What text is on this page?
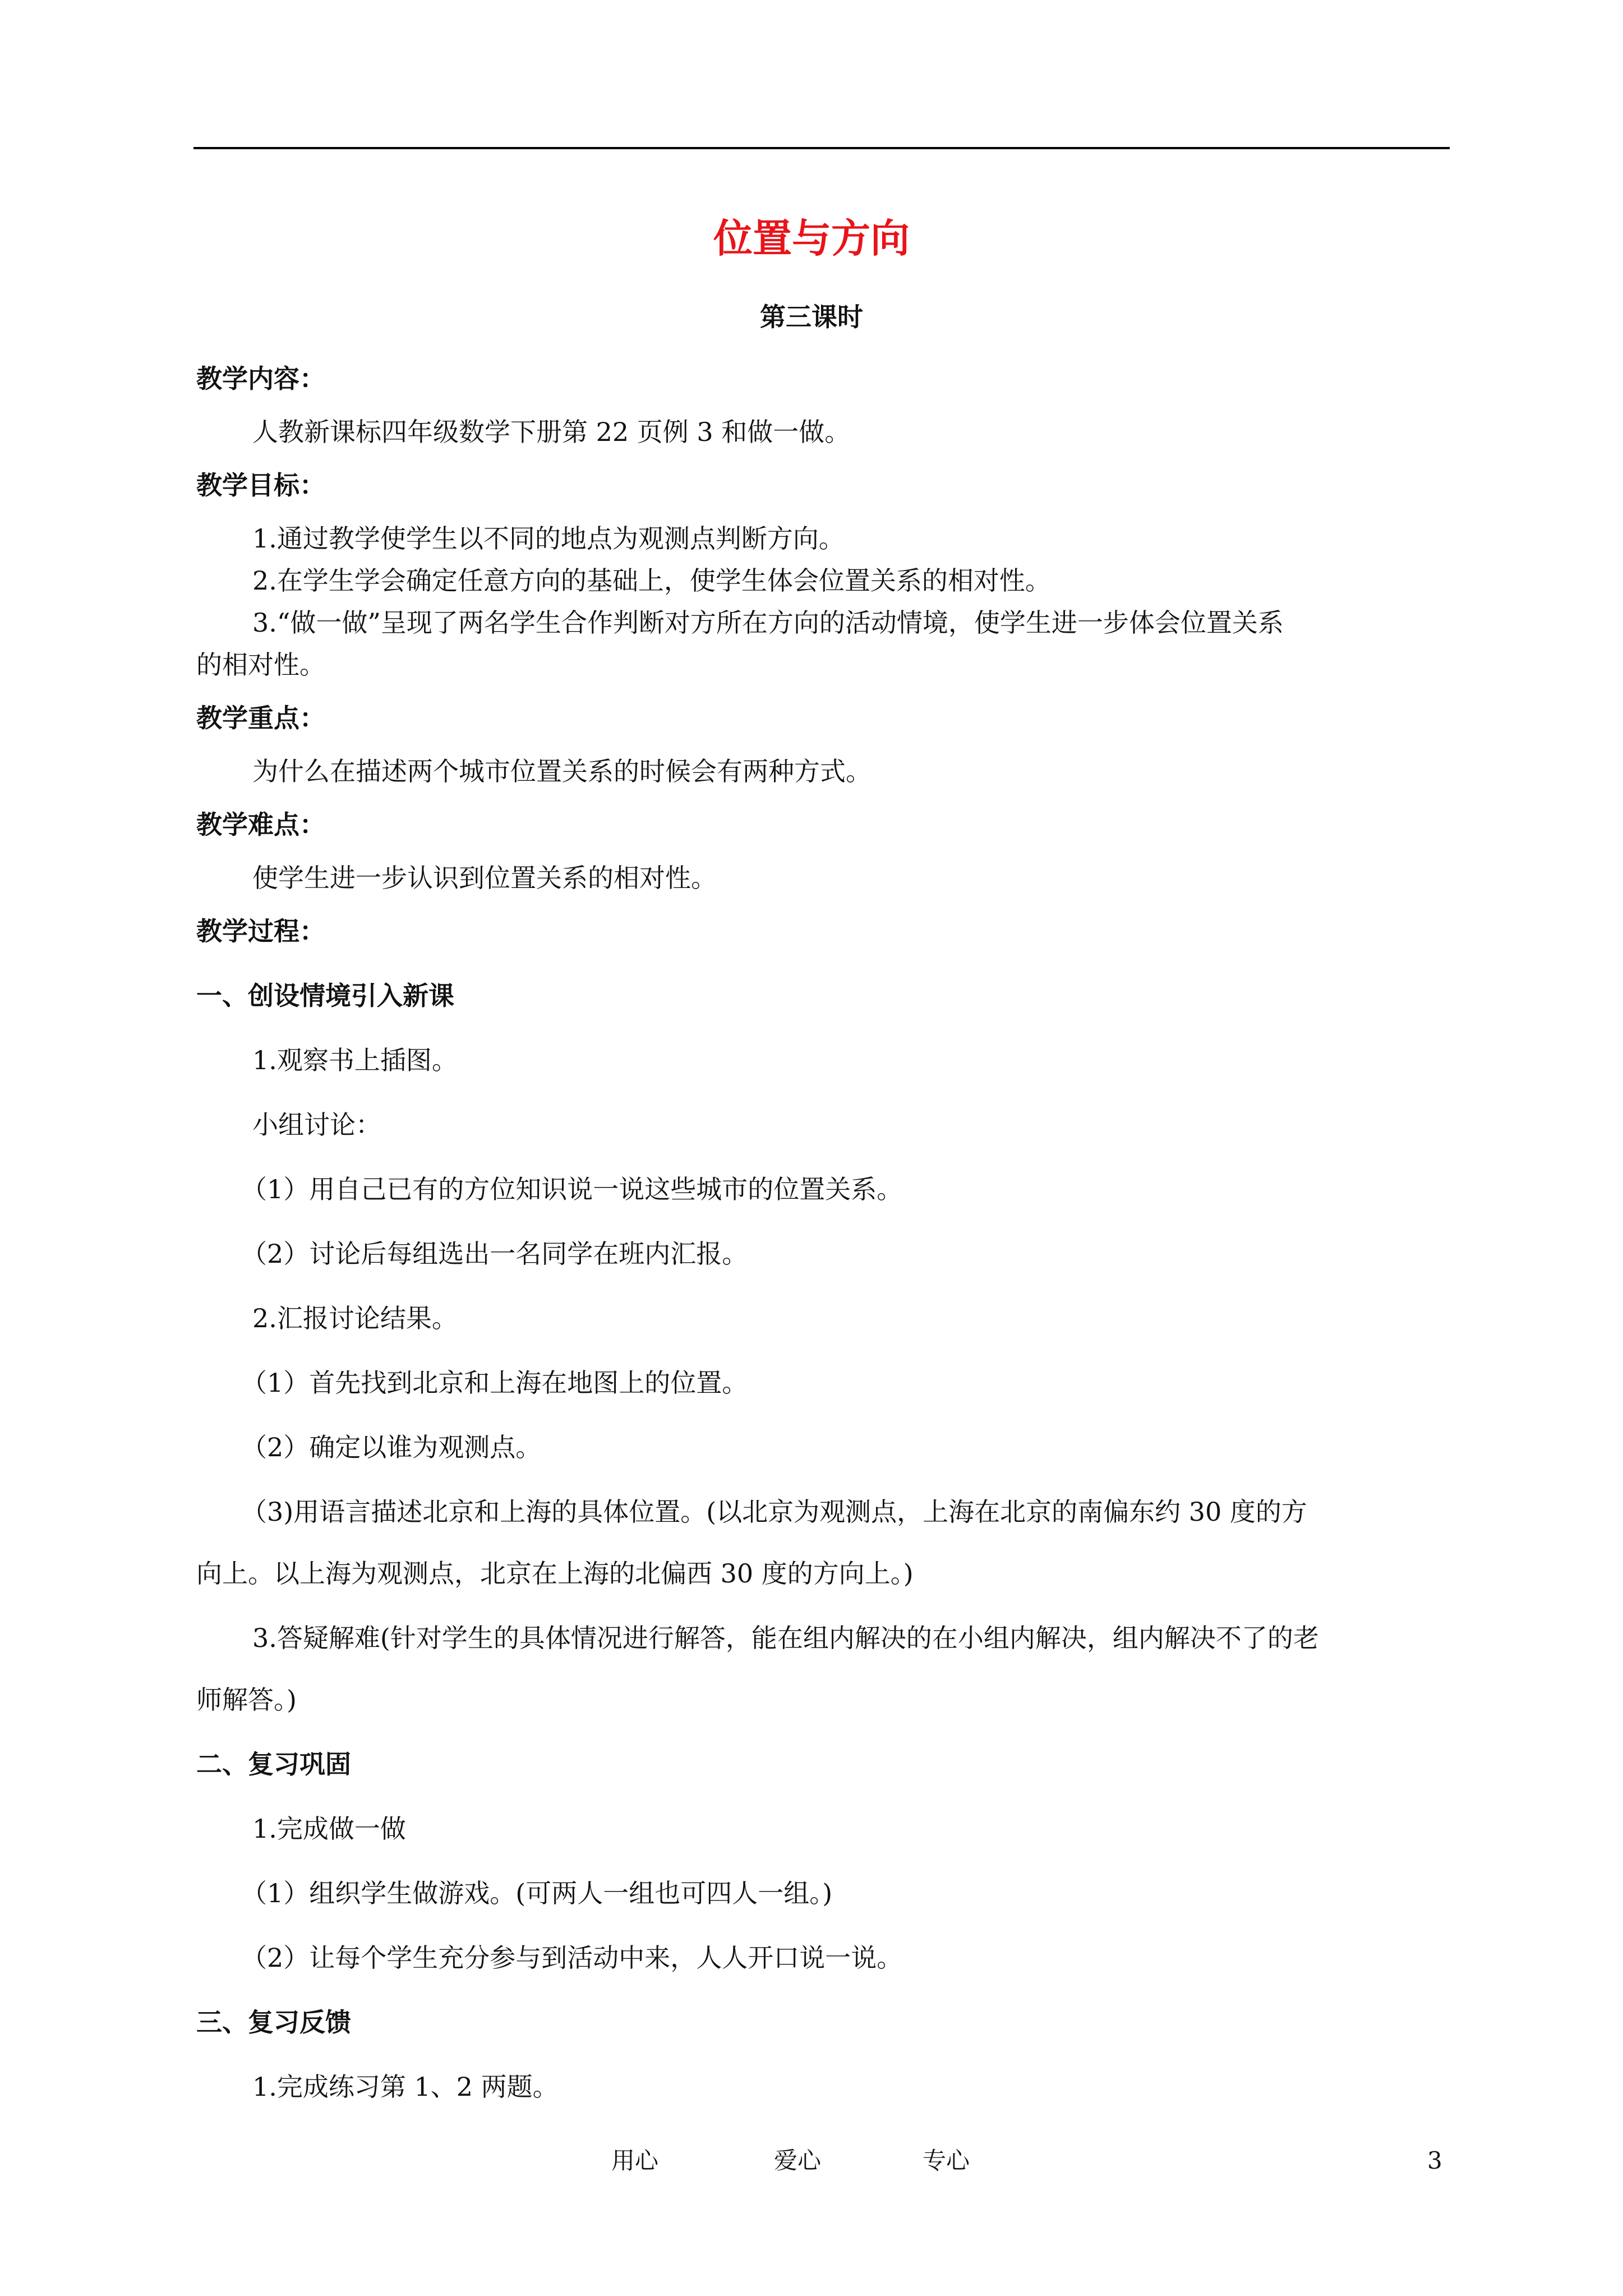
位置与方向
第三课时
教学内容：
人教新课标四年级数学下册第 22 页例 3 和做一做。
教学目标：
1.通过教学使学生以不同的地点为观测点判断方向。
2.在学生学会确定任意方向的基础上，使学生体会位置关系的相对性。
3.“做一做”呈现了两名学生合作判断对方所在方向的活动情境，使学生进一步体会位置关系
的相对性。
教学重点：
为什么在描述两个城市位置关系的时候会有两种方式。
教学难点：
使学生进一步认识到位置关系的相对性。
教学过程：
一、创设情境引入新课
1.观察书上插图。
小组讨论：
（1）用自己已有的方位知识说一说这些城市的位置关系。
（2）讨论后每组选出一名同学在班内汇报。
2.汇报讨论结果。
（1）首先找到北京和上海在地图上的位置。
（2）确定以谁为观测点。
（3)用语言描述北京和上海的具体位置。(以北京为观测点，上海在北京的南偏东约 30 度的方
向上。以上海为观测点，北京在上海的北偏西 30 度的方向上。)
3.答疑解难(针对学生的具体情况进行解答，能在组内解决的在小组内解决，组内解决不了的老
师解答。)
二、复习巩固
1.完成做一做
（1）组织学生做游戏。(可两人一组也可四人一组。)
（2）让每个学生充分参与到活动中来，人人开口说一说。
三、复习反馈
1.完成练习第 1、2 两题。
用心	爱心	专心	3
